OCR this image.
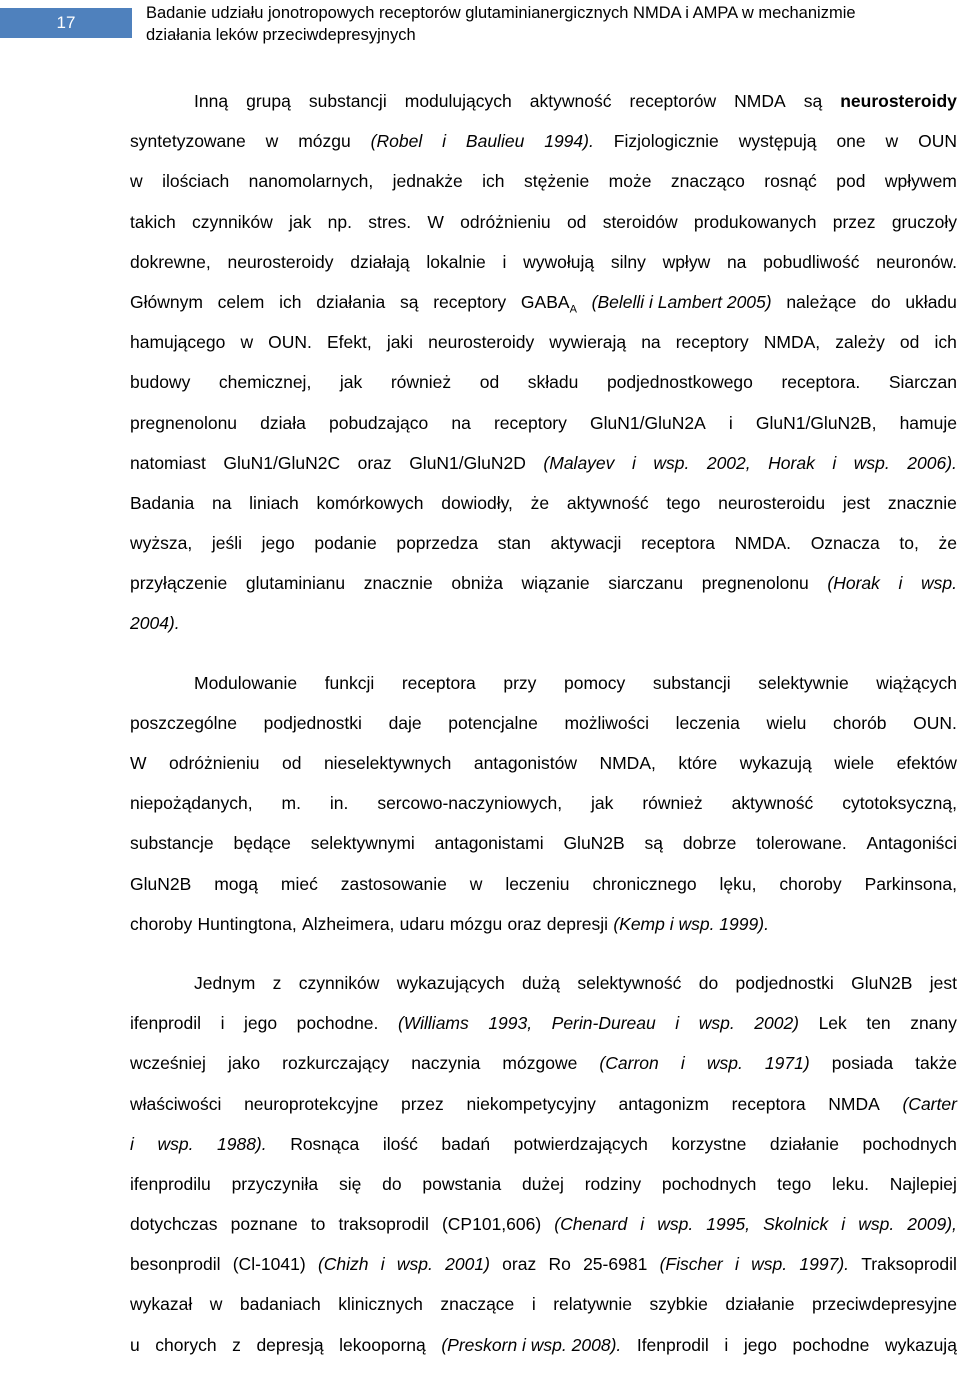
17	Badanie udziału jonotropowych receptorów glutaminianergicznych NMDA i AMPA w mechanizmie
działania leków przeciwdepresyjnych
Inną grupą substancji modulujących aktywność receptorów NMDA są neurosteroidy
syntetyzowane w mózgu (Robel i Baulieu 1994). Fizjologicznie występują one w OUN
w ilościach nanomolarnych, jednakże ich stężenie może znacząco rosnąć pod wpływem
takich czynników jak np. stres. W odróżnieniu od steroidów produkowanych przez gruczoły
dokrewne, neurosteroidy działają lokalnie i wywołują silny wpływ na pobudliwość neuronów.
Głównym celem ich działania są receptory $GABA_A$ (Belelli i Lambert 2005) należące do układu
hamującego w OUN. Efekt, jaki neurosteroidy wywierają na receptory NMDA, zależy od ich
budowy chemicznej, jak również od składu podjednostkowego receptora. Siarczan
pregnenolonu działa pobudzająco na receptory GluN1/GluN2A i GluN1/GluN2B, hamuje
natomiast GluN1/GluN2C oraz GluN1/GluN2D (Malayev i wsp. 2002, Horak i wsp. 2006).
Badania na liniach komórkowych dowiodły, że aktywność tego neurosteroidu jest znacznie
wyższa, jeśli jego podanie poprzedza stan aktywacji receptora NMDA. Oznacza to, że
przyłączenie glutaminianu znacznie obniża wiązanie siarczanu pregnenolonu (Horak i wsp.
2004).
Modulowanie funkcji receptora przy pomocy substancji selektywnie wiążących
poszczególne podjednostki daje potencjalne możliwości leczenia wielu chorób OUN.
W odróżnieniu od nieselektywnych antagonistów NMDA, które wykazują wiele efektów
niepożądanych, m. in. sercowo-naczyniowych, jak również aktywność cytotoksyczną,
substancje będące selektywnymi antagonistami GluN2B są dobrze tolerowane. Antagoniści
GluN2B mogą mieć zastosowanie w leczeniu chronicznego lęku, choroby Parkinsona,
choroby Huntingtona, Alzheimera, udaru mózgu oraz depresji (Kemp i wsp. 1999).
Jednym z czynników wykazujących dużą selektywność do podjednostki GluN2B jest
ifenprodil i jego pochodne. (Williams 1993, Perin-Dureau i wsp. 2002) Lek ten znany
wcześniej jako rozkurczający naczynia mózgowe (Carron i wsp. 1971) posiada także
właściwości neuroprotekcyjne przez niekompetycyjny antagonizm receptora NMDA (Carter
i wsp. 1988). Rosnąca ilość badań potwierdzających korzystne działanie pochodnych
ifenprodilu przyczyniła się do powstania dużej rodziny pochodnych tego leku. Najlepiej
dotychczas poznane to traksoprodil (CP101,606) (Chenard i wsp. 1995, Skolnick i wsp. 2009),
besonprodil (Cl-1041) (Chizh i wsp. 2001) oraz Ro 25-6981 (Fischer i wsp. 1997). Traksoprodil
wykazał w badaniach klinicznych znaczące i relatywnie szybkie działanie przeciwdepresyjne
u chorych z depresją lekooporną (Preskorn i wsp. 2008). Ifenprodil i jego pochodne wykazują
